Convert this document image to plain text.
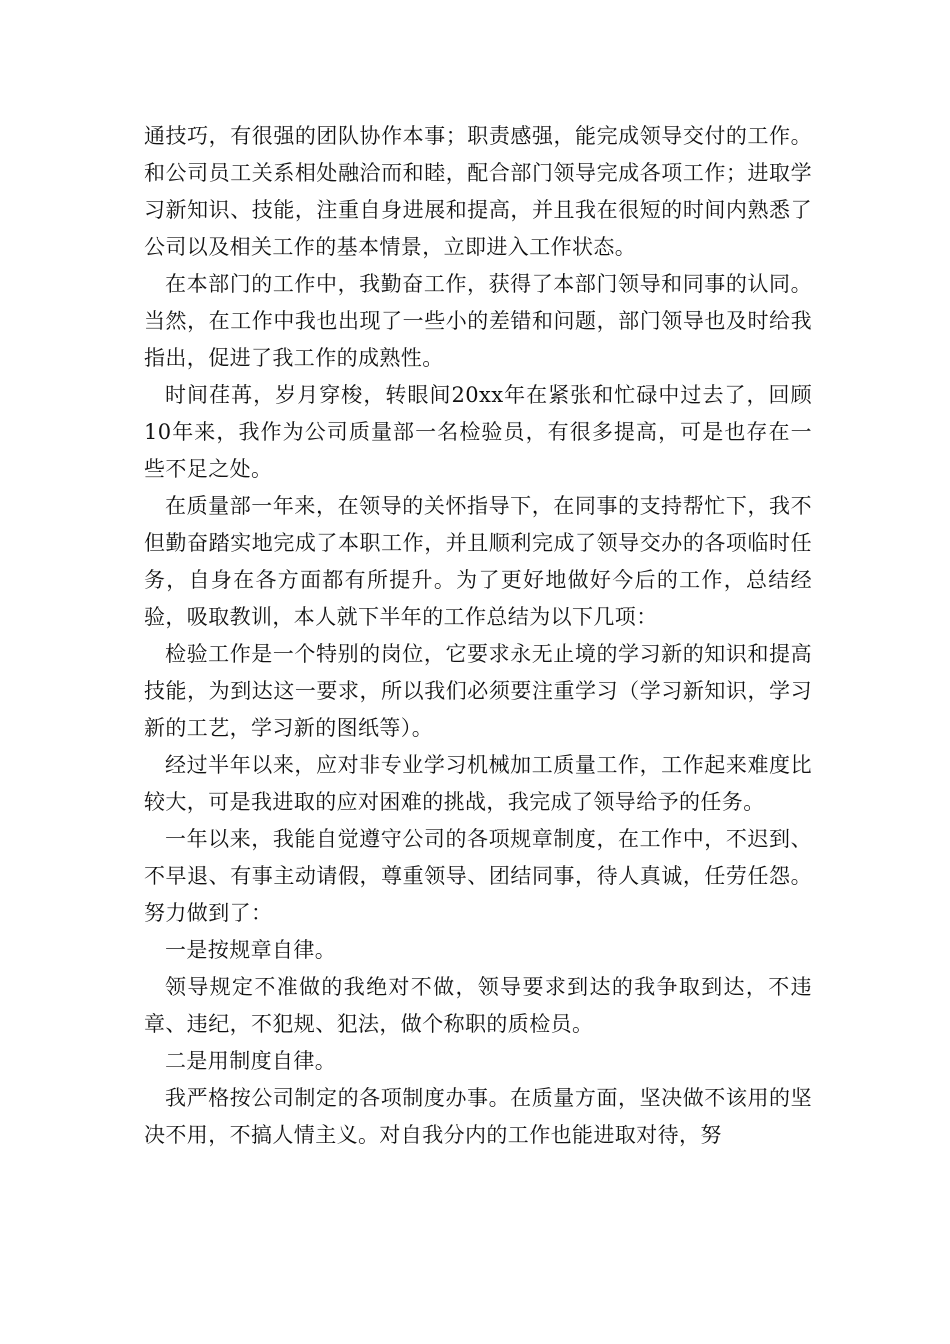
通技巧，有很强的团队协作本事；职责感强，能完成领导交付的工作。和公司员工关系相处融洽而和睦，配合部门领导完成各项工作；进取学习新知识、技能，注重自身进展和提高，并且我在很短的时间内熟悉了公司以及相关工作的基本情景，立即进入工作状态。

在本部门的工作中，我勤奋工作，获得了本部门领导和同事的认同。当然，在工作中我也出现了一些小的差错和问题，部门领导也及时给我指出，促进了我工作的成熟性。

时间荏苒，岁月穿梭，转眼间20xx年在紧张和忙碌中过去了，回顾10年来，我作为公司质量部一名检验员，有很多提高，可是也存在一些不足之处。

在质量部一年来，在领导的关怀指导下，在同事的支持帮忙下，我不但勤奋踏实地完成了本职工作，并且顺利完成了领导交办的各项临时任务，自身在各方面都有所提升。为了更好地做好今后的工作，总结经验，吸取教训，本人就下半年的工作总结为以下几项：

检验工作是一个特别的岗位，它要求永无止境的学习新的知识和提高技能，为到达这一要求，所以我们必须要注重学习（学习新知识，学习新的工艺，学习新的图纸等）。

经过半年以来，应对非专业学习机械加工质量工作，工作起来难度比较大，可是我进取的应对困难的挑战，我完成了领导给予的任务。

一年以来，我能自觉遵守公司的各项规章制度，在工作中，不迟到、不早退、有事主动请假，尊重领导、团结同事，待人真诚，任劳任怨。努力做到了：

一是按规章自律。

领导规定不准做的我绝对不做，领导要求到达的我争取到达，不违章、违纪，不犯规、犯法，做个称职的质检员。

二是用制度自律。

我严格按公司制定的各项制度办事。在质量方面，坚决做不该用的坚决不用，不搞人情主义。对自我分内的工作也能进取对待，努
